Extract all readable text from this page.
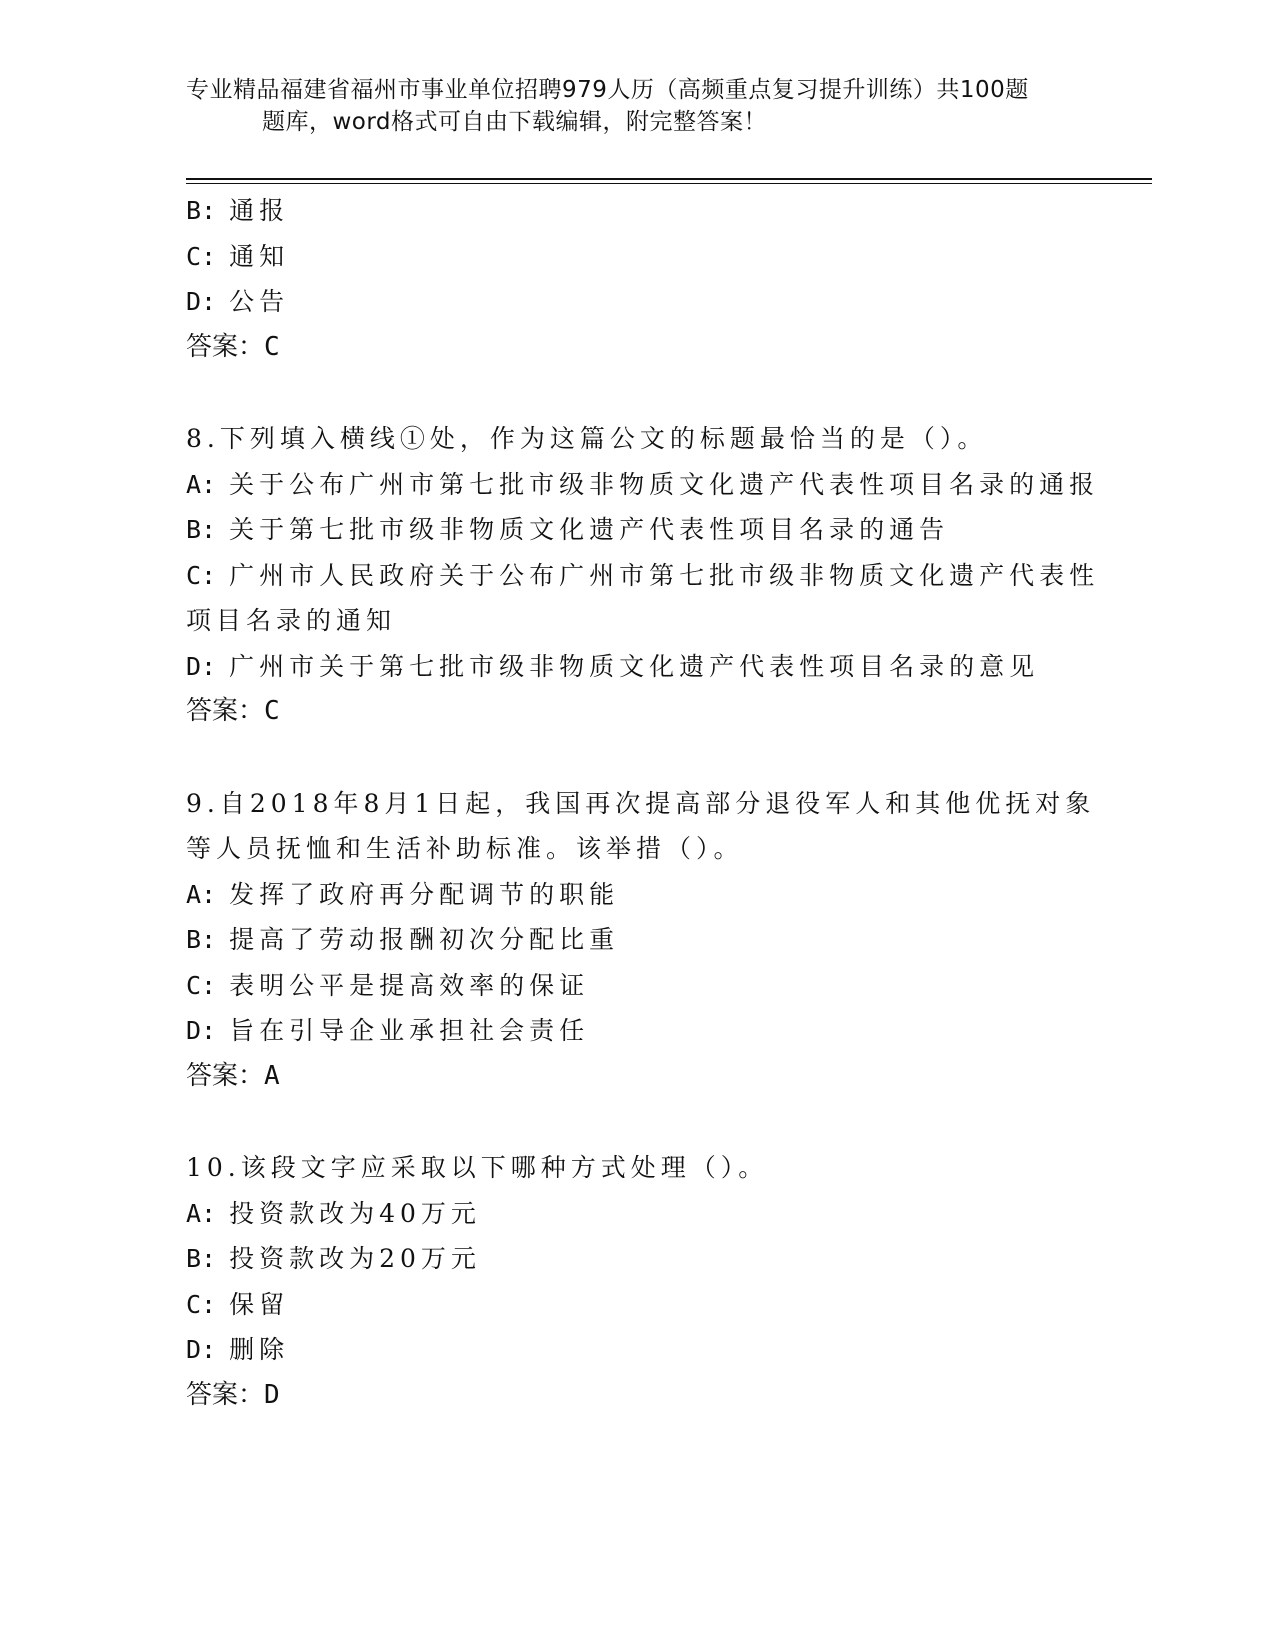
专业精品福建省福州市事业单位招聘979人历（高频重点复习提升训练）共100题
题库，word格式可自由下载编辑，附完整答案！
B: 通报
C: 通知
D: 公告
答案：C
8.下列填入横线①处，作为这篇公文的标题最恰当的是（）。
A: 关于公布广州市第七批市级非物质文化遗产代表性项目名录的通报
B: 关于第七批市级非物质文化遗产代表性项目名录的通告
C: 广州市人民政府关于公布广州市第七批市级非物质文化遗产代表性
项目名录的通知
D: 广州市关于第七批市级非物质文化遗产代表性项目名录的意见
答案：C
9.自2018年8月1日起，我国再次提高部分退役军人和其他优抚对象
等人员抚恤和生活补助标准。该举措（）。
A: 发挥了政府再分配调节的职能
B: 提高了劳动报酬初次分配比重
C: 表明公平是提高效率的保证
D: 旨在引导企业承担社会责任
答案：A
10.该段文字应采取以下哪种方式处理（）。
A: 投资款改为40万元
B: 投资款改为20万元
C: 保留
D: 删除
答案：D
